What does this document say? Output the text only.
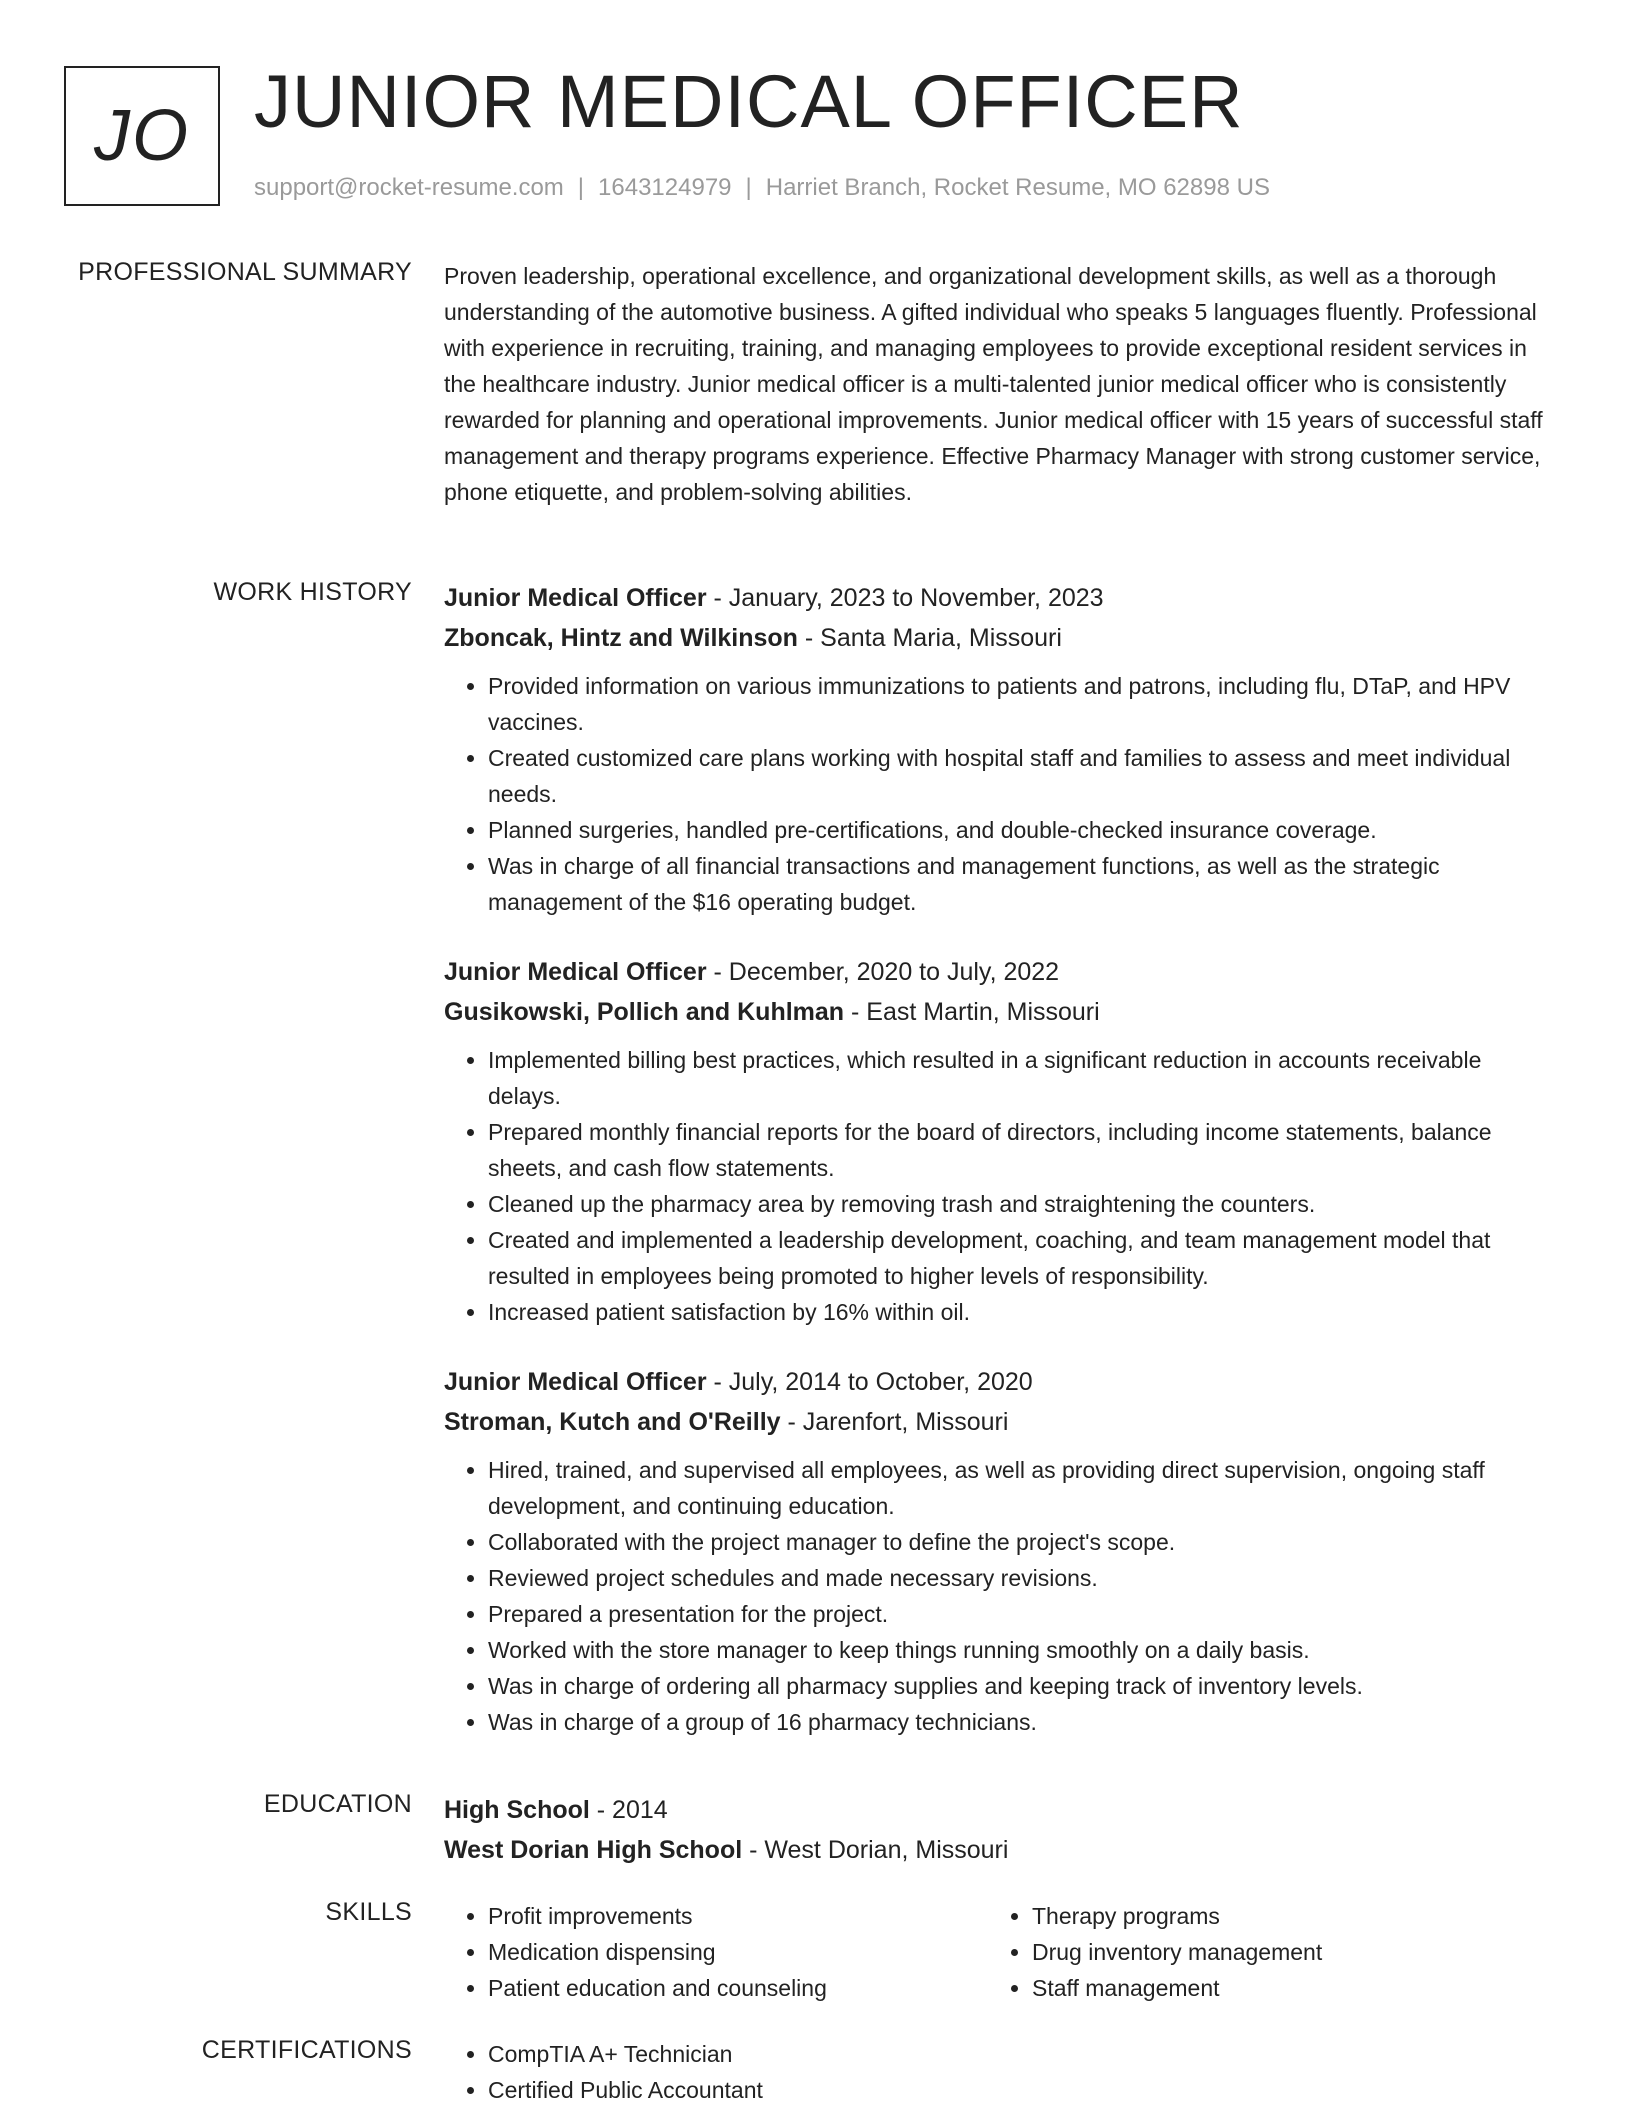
JO JUNIOR MEDICAL OFFICER
support@rocket-resume.com | 1643124979 | Harriet Branch, Rocket Resume, MO 62898 US
PROFESSIONAL SUMMARY Proven leadership, operational excellence, and organizational development skills, as well as a thorough understanding of the automotive business. A gifted individual who speaks 5 languages fluently. Professional with experience in recruiting, training, and managing employees to provide exceptional resident services in the healthcare industry. Junior medical officer is a multi-talented junior medical officer who is consistently rewarded for planning and operational improvements. Junior medical officer with 15 years of successful staff management and therapy programs experience. Effective Pharmacy Manager with strong customer service, phone etiquette, and problem-solving abilities.

WORK HISTORY Junior Medical Officer - January, 2023 to November, 2023
Zboncak, Hintz and Wilkinson - Santa Maria, Missouri
• Provided information on various immunizations to patients and patrons, including flu, DTaP, and HPV vaccines.
• Created customized care plans working with hospital staff and families to assess and meet individual needs.
• Planned surgeries, handled pre-certifications, and double-checked insurance coverage.
• Was in charge of all financial transactions and management functions, as well as the strategic management of the $16 operating budget.
Junior Medical Officer - December, 2020 to July, 2022
Gusikowski, Pollich and Kuhlman - East Martin, Missouri
• Implemented billing best practices, which resulted in a significant reduction in accounts receivable delays.
• Prepared monthly financial reports for the board of directors, including income statements, balance sheets, and cash flow statements.
• Cleaned up the pharmacy area by removing trash and straightening the counters.
• Created and implemented a leadership development, coaching, and team management model that resulted in employees being promoted to higher levels of responsibility.
• Increased patient satisfaction by 16% within oil.
Junior Medical Officer - July, 2014 to October, 2020
Stroman, Kutch and O'Reilly - Jarenfort, Missouri
• Hired, trained, and supervised all employees, as well as providing direct supervision, ongoing staff development, and continuing education.
• Collaborated with the project manager to define the project's scope.
• Reviewed project schedules and made necessary revisions.
• Prepared a presentation for the project.
• Worked with the store manager to keep things running smoothly on a daily basis.
• Was in charge of ordering all pharmacy supplies and keeping track of inventory levels.
• Was in charge of a group of 16 pharmacy technicians.
EDUCATION High School - 2014
West Dorian High School - West Dorian, Missouri
SKILLS	• Profit improvements
• Medication dispensing
• Patient education and counseling
• Therapy programs
• Drug inventory management
• Staff management
CERTIFICATIONS	• CompTIA A+ Technician
• Certified Public Accountant
